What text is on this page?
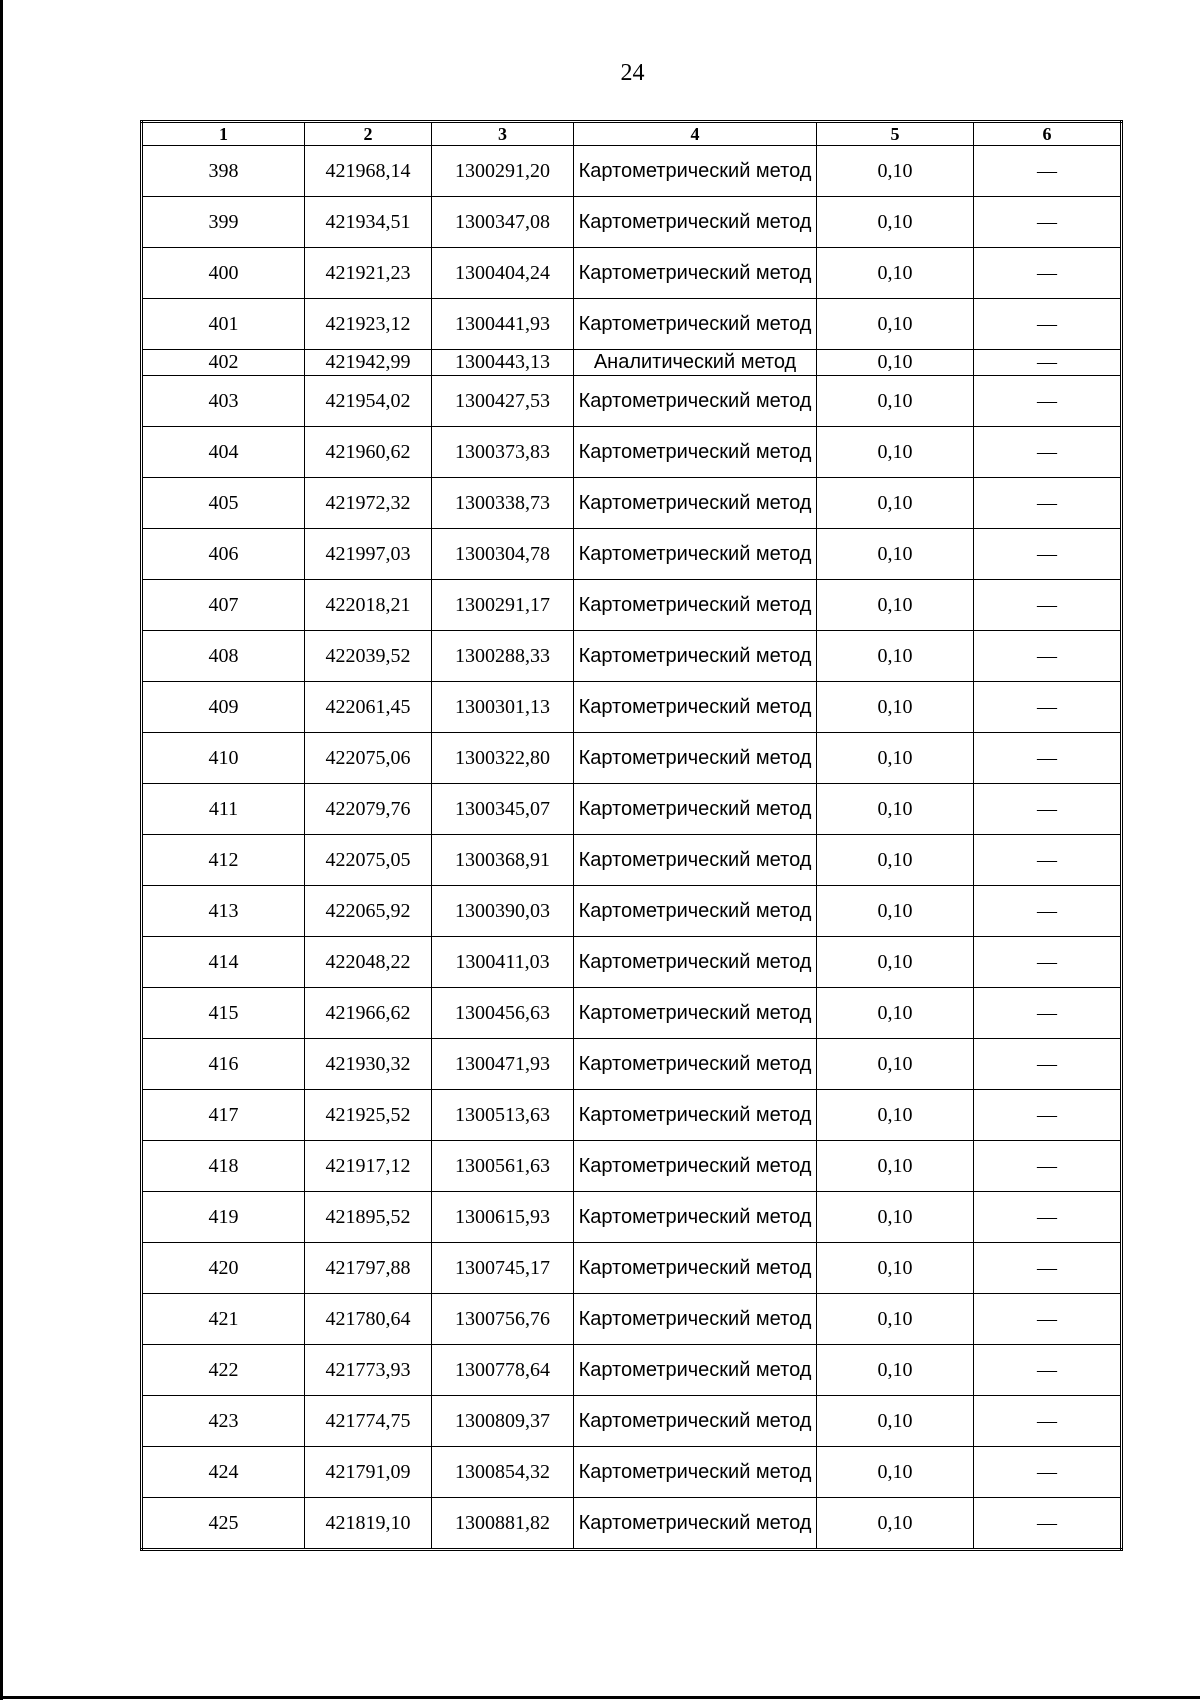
24
1	2	3	4	5	6
398	421968,14	1300291,20	Картометрический метод	0,10	—
399	421934,51	1300347,08	Картометрический метод	0,10	—
400	421921,23	1300404,24	Картометрический метод	0,10	—
401	421923,12	1300441,93	Картометрический метод	0,10	—
402	421942,99	1300443,13	Аналитический метод	0,10	—
403	421954,02	1300427,53	Картометрический метод	0,10	—
404	421960,62	1300373,83	Картометрический метод	0,10	—
405	421972,32	1300338,73	Картометрический метод	0,10	—
406	421997,03	1300304,78	Картометрический метод	0,10	—
407	422018,21	1300291,17	Картометрический метод	0,10	—
408	422039,52	1300288,33	Картометрический метод	0,10	—
409	422061,45	1300301,13	Картометрический метод	0,10	—
410	422075,06	1300322,80	Картометрический метод	0,10	—
411	422079,76	1300345,07	Картометрический метод	0,10	—
412	422075,05	1300368,91	Картометрический метод	0,10	—
413	422065,92	1300390,03	Картометрический метод	0,10	—
414	422048,22	1300411,03	Картометрический метод	0,10	—
415	421966,62	1300456,63	Картометрический метод	0,10	—
416	421930,32	1300471,93	Картометрический метод	0,10	—
417	421925,52	1300513,63	Картометрический метод	0,10	—
418	421917,12	1300561,63	Картометрический метод	0,10	—
419	421895,52	1300615,93	Картометрический метод	0,10	—
420	421797,88	1300745,17	Картометрический метод	0,10	—
421	421780,64	1300756,76	Картометрический метод	0,10	—
422	421773,93	1300778,64	Картометрический метод	0,10	—
423	421774,75	1300809,37	Картометрический метод	0,10	—
424	421791,09	1300854,32	Картометрический метод	0,10	—
425	421819,10	1300881,82	Картометрический метод	0,10	—
